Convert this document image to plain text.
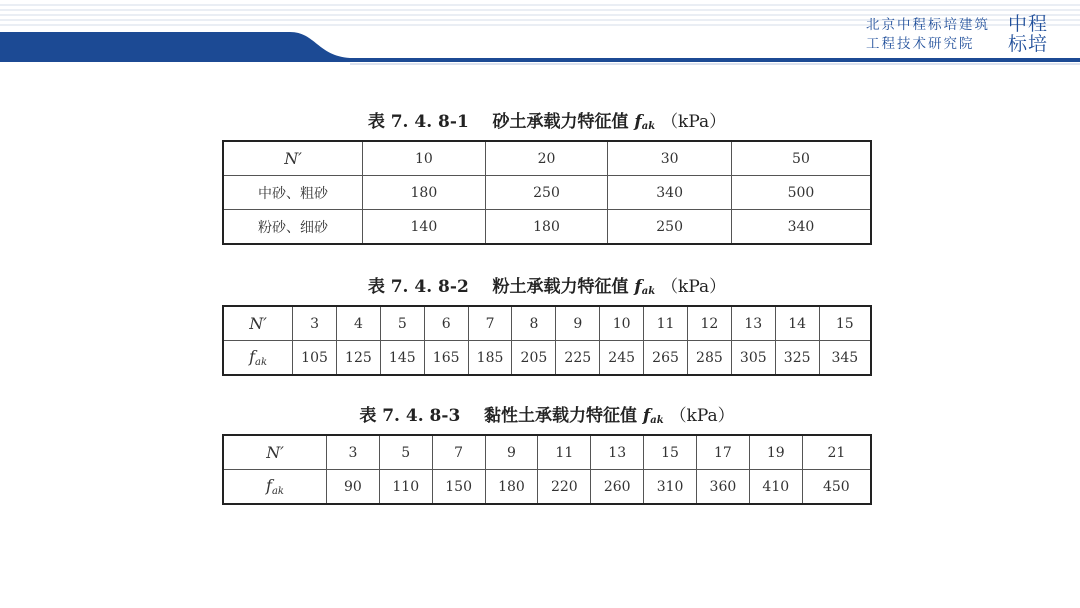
北京中程标培建筑
工程技术研究院
中程
标培
表 7. 4. 8-1 砂土承载力特征值 $f_{ak}$ （kPa）
N′	10	20	30	50
中砂、粗砂	180	250	340	500
粉砂、细砂	140	180	250	340
表 7. 4. 8-2 粉土承载力特征值 $f_{ak}$ （kPa）
N′	3	4	5	6	7	8	9	10	11	12	13	14	15
$f_{ak}$	105	125	145	165	185	205	225	245	265	285	305	325	345
表 7. 4. 8-3 黏性土承载力特征值 $f_{ak}$ （kPa）
N′	3	5	7	9	11	13	15	17	19	21
$f_{ak}$	90	110	150	180	220	260	310	360	410	450
